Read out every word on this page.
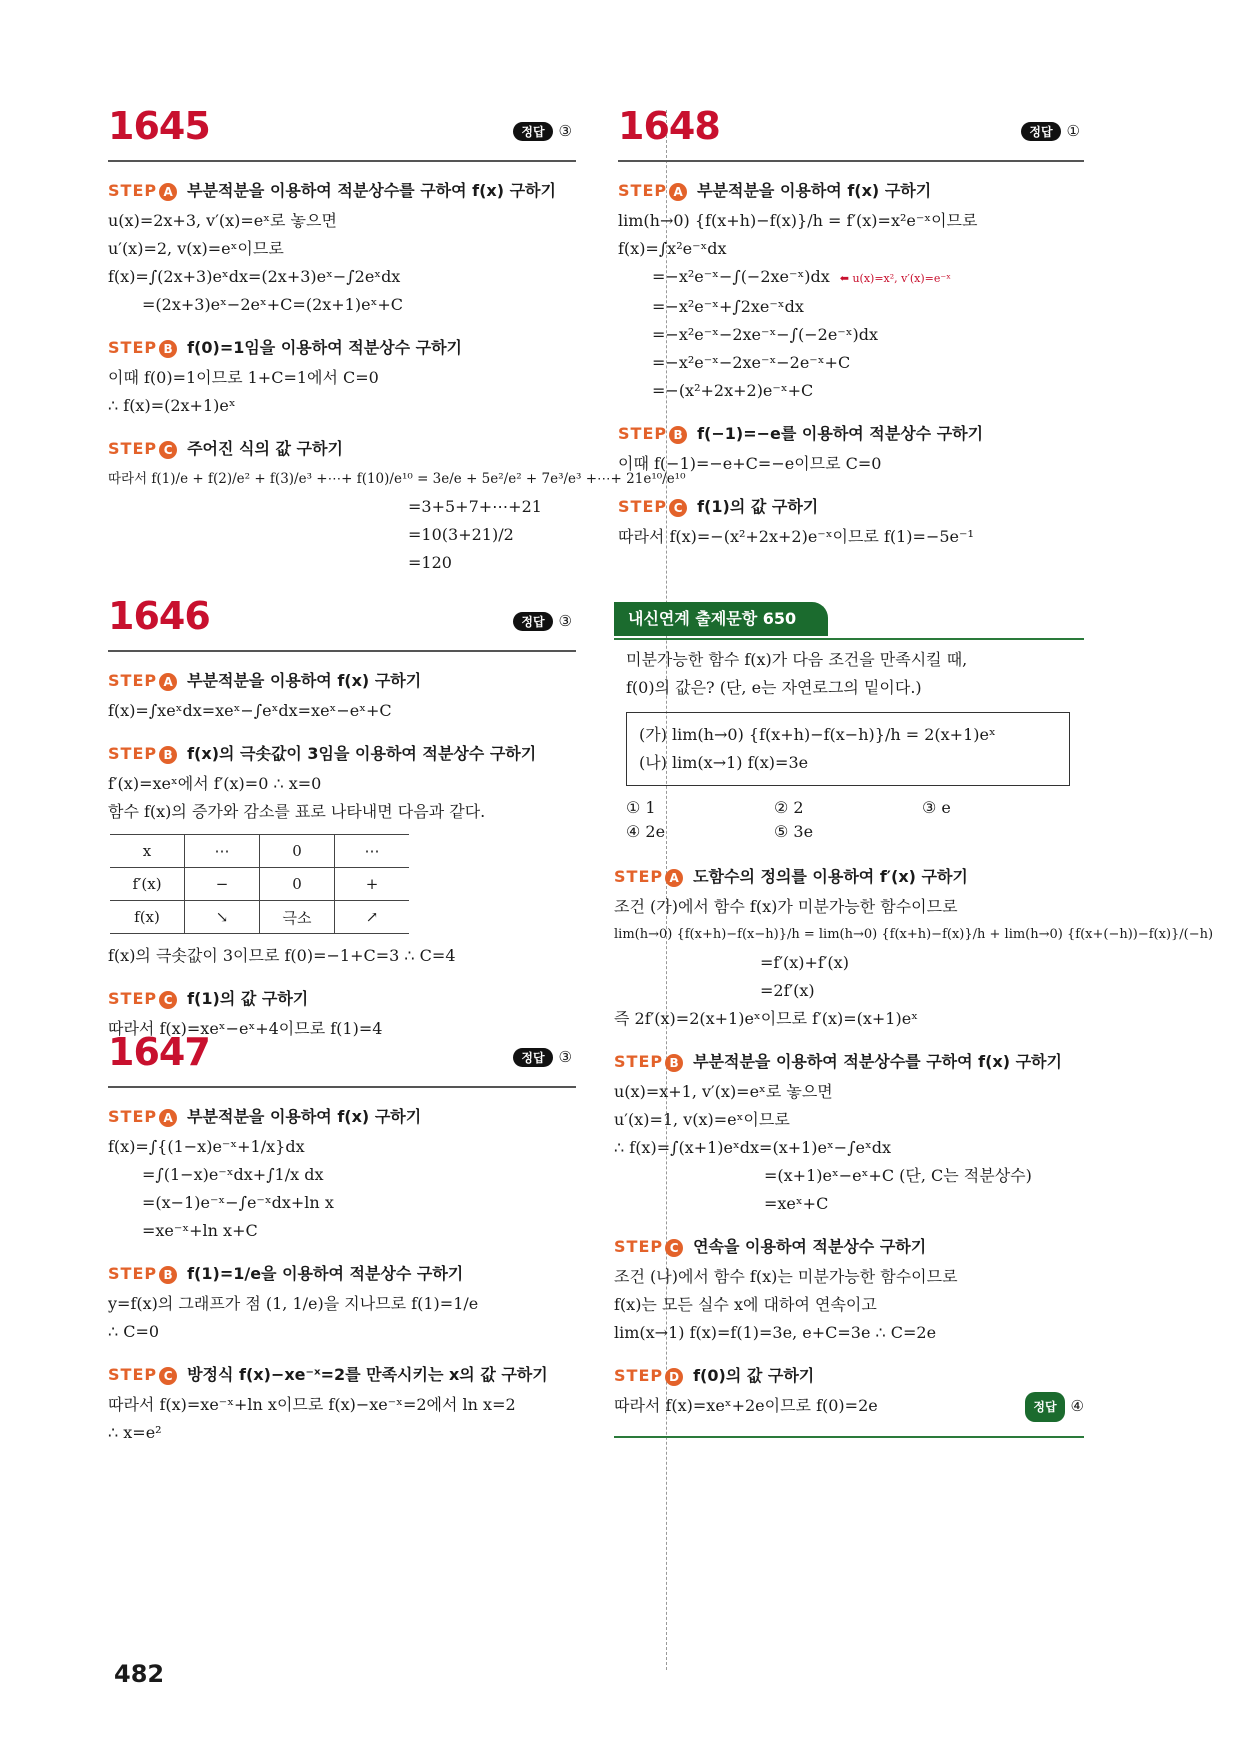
1645	정답 ③
STEP A 부분적분을 이용하여 적분상수를 구하여 f(x) 구하기
u(x)=2x+3, v′(x)=eˣ로 놓으면
u′(x)=2, v(x)=eˣ이므로
f(x)=∫(2x+3)eˣdx=(2x+3)eˣ−∫2eˣdx
=(2x+3)eˣ−2eˣ+C=(2x+1)eˣ+C
STEP B f(0)=1임을 이용하여 적분상수 구하기
이때 f(0)=1이므로 1+C=1에서 C=0
∴ f(x)=(2x+1)eˣ
STEP C 주어진 식의 값 구하기
따라서 f(1)/e + f(2)/e² + f(3)/e³ +⋯+ f(10)/e¹⁰ = 3e/e + 5e²/e² + 7e³/e³ +⋯+ 21e¹⁰/e¹⁰
=3+5+7+⋯+21
=10(3+21)/2
=120
1646	정답 ③
STEP A 부분적분을 이용하여 f(x) 구하기
f(x)=∫xeˣdx=xeˣ−∫eˣdx=xeˣ−eˣ+C
STEP B f(x)의 극솟값이 3임을 이용하여 적분상수 구하기
f′(x)=xeˣ에서 f′(x)=0 ∴ x=0
함수 f(x)의 증가와 감소를 표로 나타내면 다음과 같다.
x	⋯	0	⋯
f′(x)	−	0	+
f(x)	↘	극소	↗
f(x)의 극솟값이 3이므로 f(0)=−1+C=3 ∴ C=4
STEP C f(1)의 값 구하기
따라서 f(x)=xeˣ−eˣ+4이므로 f(1)=4
1647	정답 ③
STEP A 부분적분을 이용하여 f(x) 구하기
f(x)=∫{(1−x)e⁻ˣ+1/x}dx
=∫(1−x)e⁻ˣdx+∫1/x dx
=(x−1)e⁻ˣ−∫e⁻ˣdx+ln x
=xe⁻ˣ+ln x+C
STEP B f(1)=1/e을 이용하여 적분상수 구하기
y=f(x)의 그래프가 점 (1, 1/e)을 지나므로 f(1)=1/e
∴ C=0
STEP C 방정식 f(x)−xe⁻ˣ=2를 만족시키는 x의 값 구하기
따라서 f(x)=xe⁻ˣ+ln x이므로 f(x)−xe⁻ˣ=2에서 ln x=2
∴ x=e²
1648	정답 ①
STEP A 부분적분을 이용하여 f(x) 구하기
lim(h→0) {f(x+h)−f(x)}/h = f′(x)=x²e⁻ˣ이므로
f(x)=∫x²e⁻ˣdx
=−x²e⁻ˣ−∫(−2xe⁻ˣ)dx ⬅ u(x)=x², v′(x)=e⁻ˣ
=−x²e⁻ˣ+∫2xe⁻ˣdx
=−x²e⁻ˣ−2xe⁻ˣ−∫(−2e⁻ˣ)dx
=−x²e⁻ˣ−2xe⁻ˣ−2e⁻ˣ+C
=−(x²+2x+2)e⁻ˣ+C
STEP B f(−1)=−e를 이용하여 적분상수 구하기
이때 f(−1)=−e+C=−e이므로 C=0
STEP C f(1)의 값 구하기
따라서 f(x)=−(x²+2x+2)e⁻ˣ이므로 f(1)=−5e⁻¹
내신연계 출제문항 650
미분가능한 함수 f(x)가 다음 조건을 만족시킬 때,
f(0)의 값은? (단, e는 자연로그의 밑이다.)
(가) lim(h→0) {f(x+h)−f(x−h)}/h = 2(x+1)eˣ
(나) lim(x→1) f(x)=3e
① 1	② 2	③ e
④ 2e	⑤ 3e
STEP A 도함수의 정의를 이용하여 f′(x) 구하기
조건 (가)에서 함수 f(x)가 미분가능한 함수이므로
lim(h→0) {f(x+h)−f(x−h)}/h = lim(h→0) {f(x+h)−f(x)}/h + lim(h→0) {f(x+(−h))−f(x)}/(−h)
=f′(x)+f′(x)
=2f′(x)
즉 2f′(x)=2(x+1)eˣ이므로 f′(x)=(x+1)eˣ
STEP B 부분적분을 이용하여 적분상수를 구하여 f(x) 구하기
u(x)=x+1, v′(x)=eˣ로 놓으면
u′(x)=1, v(x)=eˣ이므로
∴ f(x)=∫(x+1)eˣdx=(x+1)eˣ−∫eˣdx
=(x+1)eˣ−eˣ+C (단, C는 적분상수)
=xeˣ+C
STEP C 연속을 이용하여 적분상수 구하기
조건 (나)에서 함수 f(x)는 미분가능한 함수이므로
f(x)는 모든 실수 x에 대하여 연속이고
lim(x→1) f(x)=f(1)=3e, e+C=3e ∴ C=2e
STEP D f(0)의 값 구하기
따라서 f(x)=xeˣ+2e이므로 f(0)=2e	정답 ④
482
